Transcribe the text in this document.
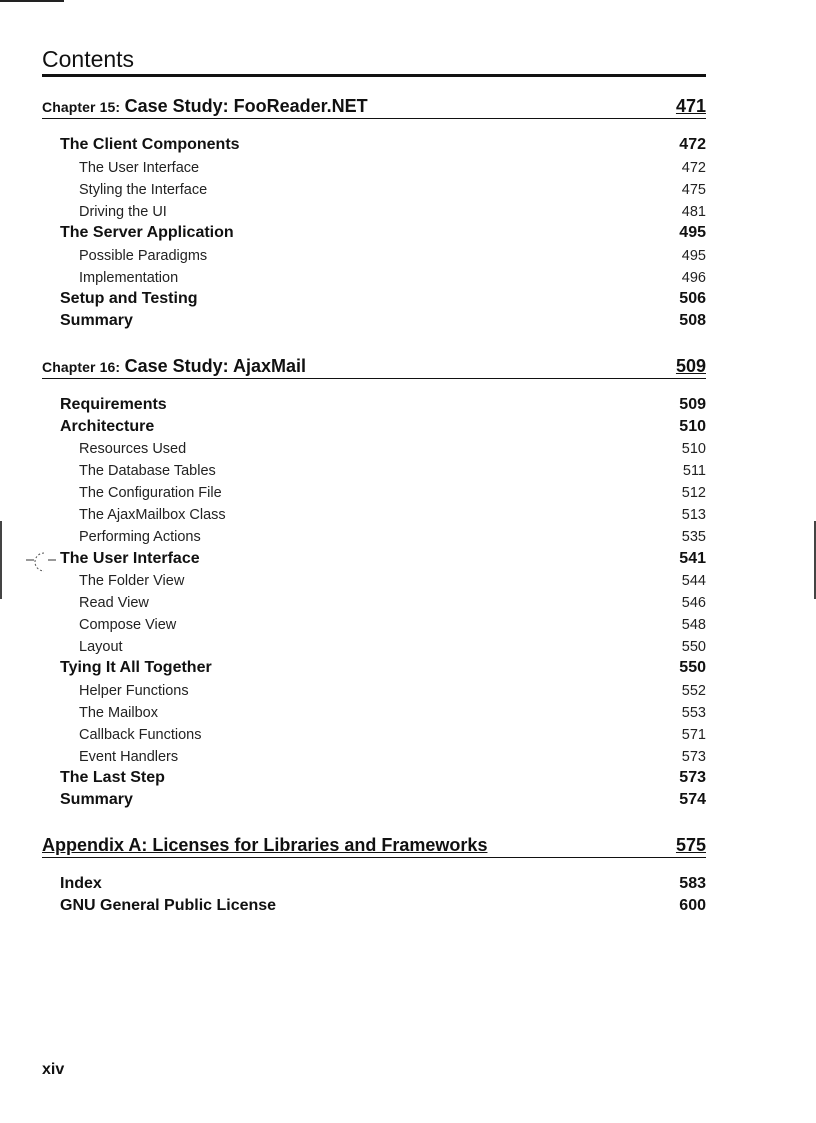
Contents
Chapter 15: Case Study: FooReader.NET	471
The Client Components	472
The User Interface	472
Styling the Interface	475
Driving the UI	481
The Server Application	495
Possible Paradigms	495
Implementation	496
Setup and Testing	506
Summary	508
Chapter 16: Case Study: AjaxMail	509
Requirements	509
Architecture	510
Resources Used	510
The Database Tables	511
The Configuration File	512
The AjaxMailbox Class	513
Performing Actions	535
The User Interface	541
The Folder View	544
Read View	546
Compose View	548
Layout	550
Tying It All Together	550
Helper Functions	552
The Mailbox	553
Callback Functions	571
Event Handlers	573
The Last Step	573
Summary	574
Appendix A: Licenses for Libraries and Frameworks	575
Index	583
GNU General Public License	600
xiv
